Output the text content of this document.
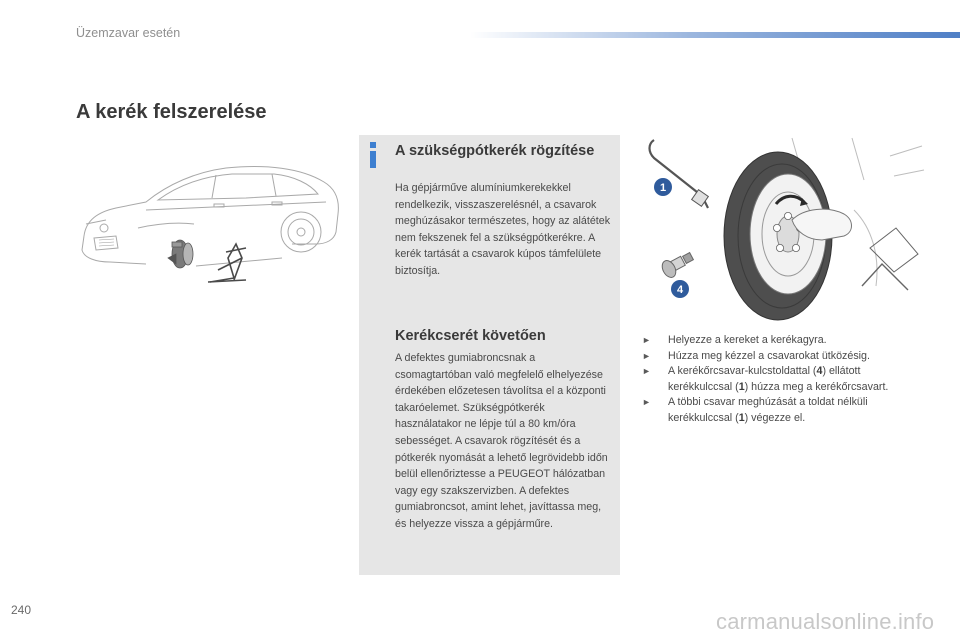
Üzemzavar esetén
A kerék felszerelése
A szükségpótkerék rögzítése

Ha gépjárműve alumíniumkerekekkel rendelkezik, visszaszerelésnél, a csavarok meghúzásakor természetes, hogy az alátétek nem fekszenek fel a szükségpótkerékre. A kerék tartását a csavarok kúpos támfelülete biztosítja.

Kerékcserét követően

A defektes gumiabroncsnak a csomagtartóban való megfelelő elhelyezése érdekében előzetesen távolítsa el a központi takaróelemet. Szükségpótkerék használatakor ne lépje túl a 80 km/óra sebességet. A csavarok rögzítését és a pótkerék nyomását a lehető legrövidebb időn belül ellenőriztesse a PEUGEOT hálózatban vagy egy szakszervizben. A defektes gumiabroncsot, amint lehet, javíttassa meg, és helyezze vissza a gépjárműre.

1
4
► Helyezze a kereket a kerékagyra.
► Húzza meg kézzel a csavarokat ütközésig.
► A kerékőrcsavar-kulcstoldattal (4) ellátott kerékkulccsal (1) húzza meg a kerékőrcsavart.
► A többi csavar meghúzását a toldat nélküli kerékkulccsal (1) végezze el.
240	carmanualsonline.info
